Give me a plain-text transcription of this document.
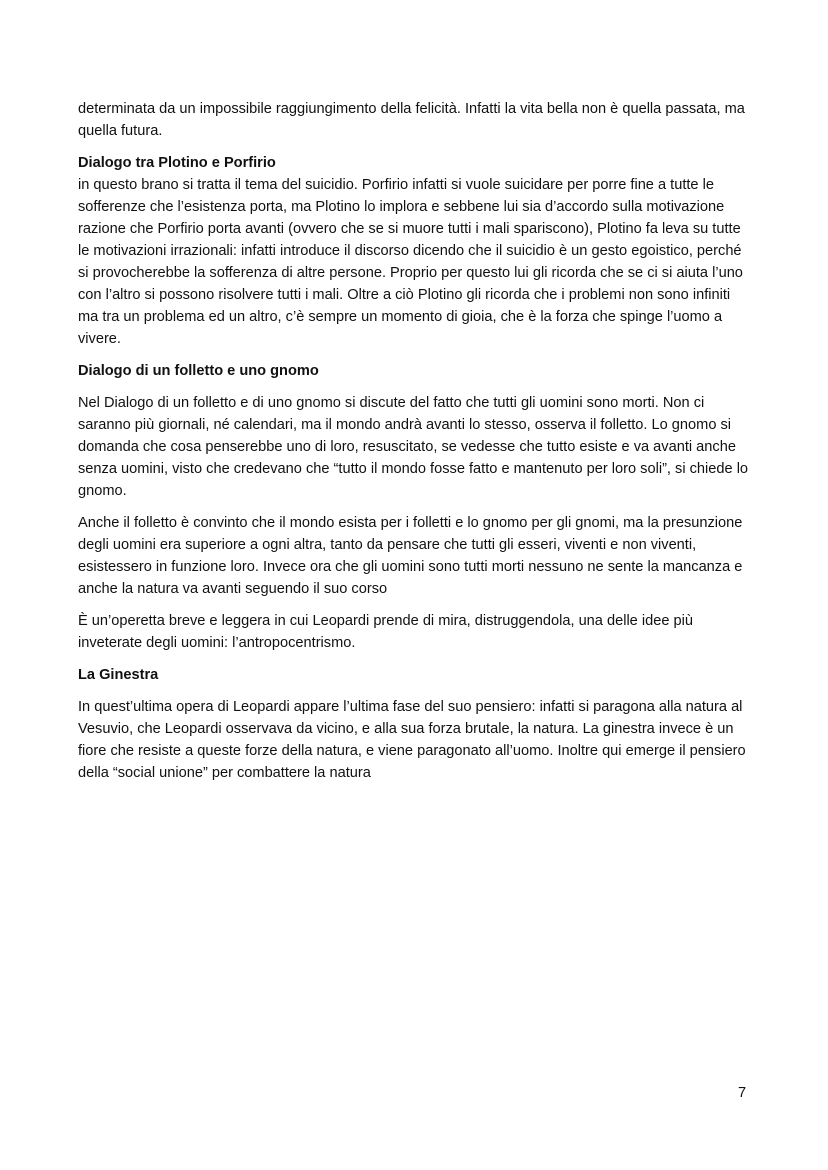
determinata da un impossibile raggiungimento della felicità. Infatti la vita bella non è quella passata, ma quella futura.

Dialogo tra Plotino e Porfirio

in questo brano si tratta il tema del suicidio. Porfirio infatti si vuole suicidare per porre fine a tutte le sofferenze che l’esistenza porta, ma Plotino lo implora e sebbene lui sia d’accordo sulla motivazione razione che Porfirio porta avanti (ovvero che se si muore tutti i mali spariscono), Plotino fa leva su tutte le motivazioni irrazionali: infatti introduce il discorso dicendo che il suicidio è un gesto egoistico, perché si provocherebbe la sofferenza di altre persone. Proprio per questo lui gli ricorda che se ci si aiuta l’uno con l’altro si possono risolvere tutti i mali. Oltre a ciò Plotino gli ricorda che i problemi non sono infiniti ma tra un problema ed un altro, c’è sempre un momento di gioia, che è la forza che spinge l’uomo a vivere.

Dialogo di un folletto e uno gnomo

Nel Dialogo di un folletto e di uno gnomo si discute del fatto che tutti gli uomini sono morti. Non ci saranno più giornali, né calendari, ma il mondo andrà avanti lo stesso, osserva il folletto. Lo gnomo si domanda che cosa penserebbe uno di loro, resuscitato, se vedesse che tutto esiste e va avanti anche senza uomini, visto che credevano che “tutto il mondo fosse fatto e mantenuto per loro soli”, si chiede lo gnomo.

Anche il folletto è convinto che il mondo esista per i folletti e lo gnomo per gli gnomi, ma la presunzione degli uomini era superiore a ogni altra, tanto da pensare che tutti gli esseri, viventi e non viventi, esistessero in funzione loro. Invece ora che gli uomini sono tutti morti nessuno ne sente la mancanza e anche la natura va avanti seguendo il suo corso

È un’operetta breve e leggera in cui Leopardi prende di mira, distruggendola, una delle idee più inveterate degli uomini: l’antropocentrismo.

La Ginestra

In quest’ultima opera di Leopardi appare l’ultima fase del suo pensiero: infatti si paragona alla natura al Vesuvio, che Leopardi osservava da vicino, e alla sua forza brutale, la natura. La ginestra invece è un fiore che resiste a queste forze della natura, e viene paragonato all’uomo. Inoltre qui emerge il pensiero della “social unione” per combattere la natura

7
